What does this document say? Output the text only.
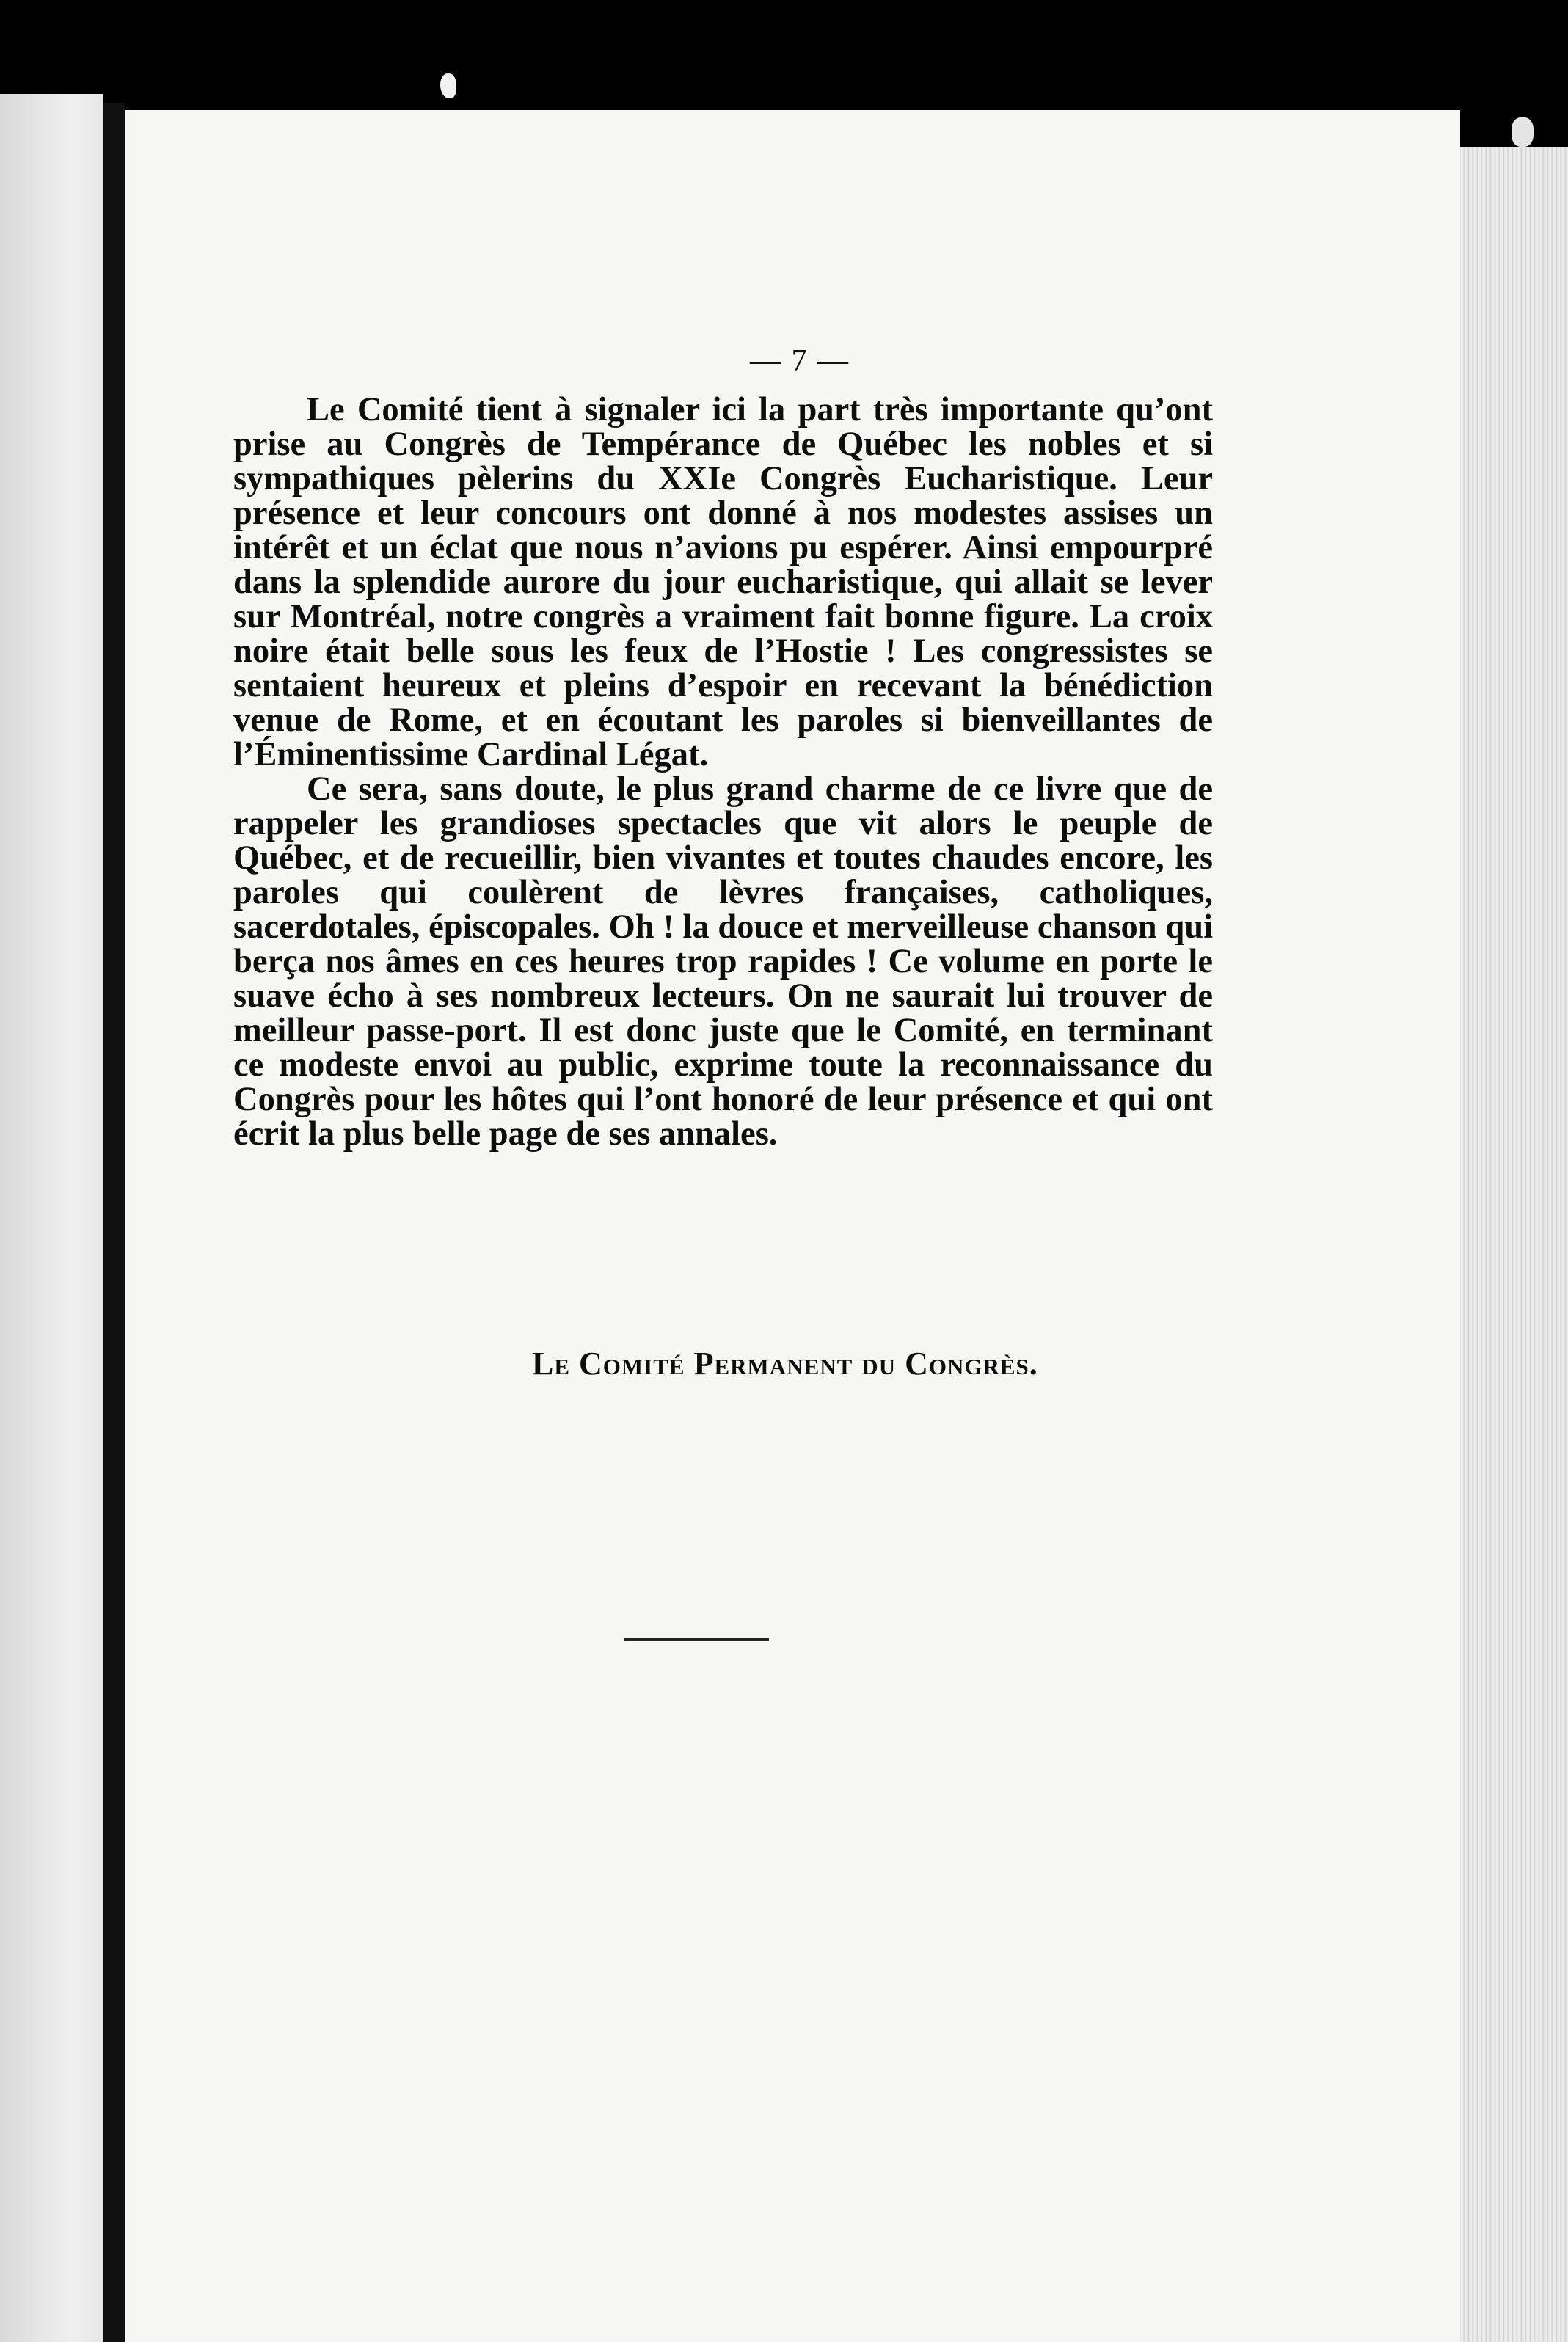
— 7 —

Le Comité tient à signaler ici la part très importante qu’ont prise au Congrès de Tempérance de Québec les nobles et si sympathiques pèlerins du XXIe Congrès Eucharistique. Leur présence et leur concours ont donné à nos modestes assises un intérêt et un éclat que nous n’avions pu espérer. Ainsi empourpré dans la splendide aurore du jour eucharistique, qui allait se lever sur Montréal, notre congrès a vraiment fait bonne figure. La croix noire était belle sous les feux de l’Hostie ! Les congressistes se sentaient heureux et pleins d’espoir en recevant la bénédiction venue de Rome, et en écoutant les paroles si bienveillantes de l’Éminentissime Cardinal Légat.

Ce sera, sans doute, le plus grand charme de ce livre que de rappeler les grandioses spectacles que vit alors le peuple de Québec, et de recueillir, bien vivantes et toutes chaudes encore, les paroles qui coulèrent de lèvres françaises, catholiques, sacerdotales, épiscopales. Oh ! la douce et merveilleuse chanson qui berça nos âmes en ces heures trop rapides ! Ce volume en porte le suave écho à ses nombreux lecteurs. On ne saurait lui trouver de meilleur passe-port. Il est donc juste que le Comité, en terminant ce modeste envoi au public, exprime toute la reconnaissance du Congrès pour les hôtes qui l’ont honoré de leur présence et qui ont écrit la plus belle page de ses annales.

Le Comité Permanent du Congrès.
